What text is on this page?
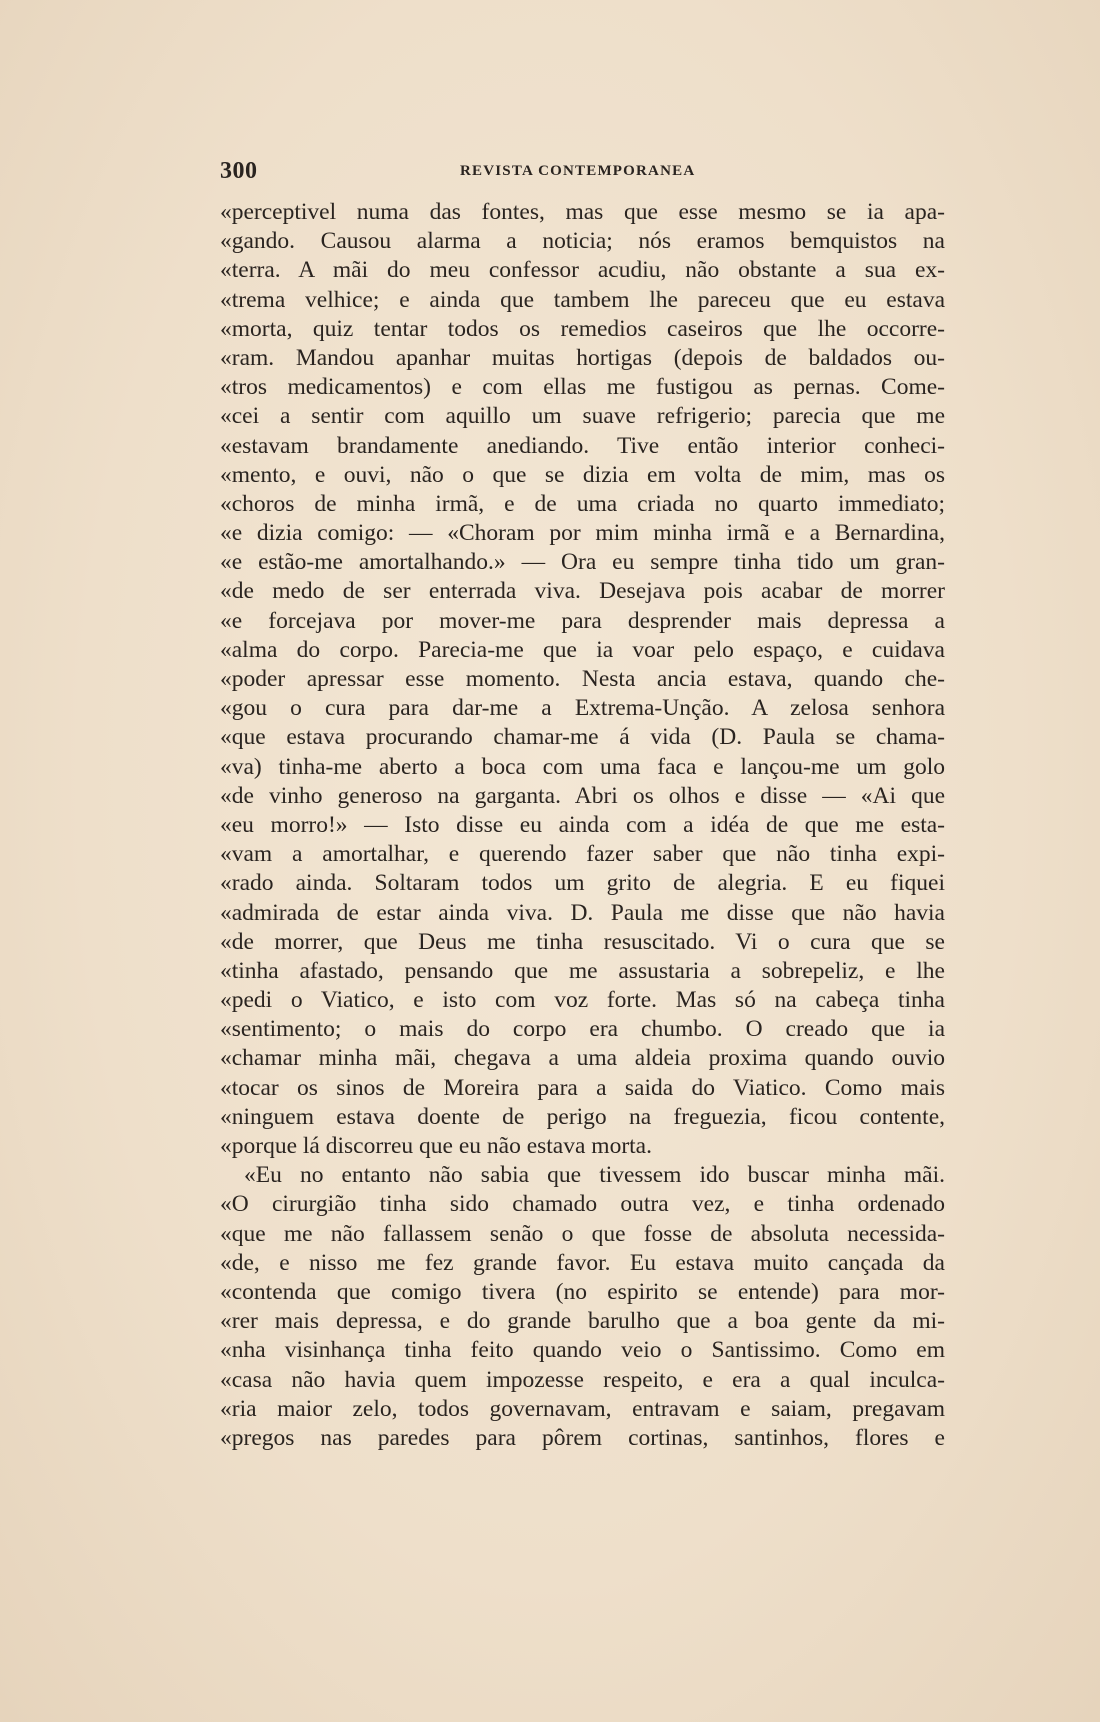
300	REVISTA CONTEMPORANEA
«perceptivel numa das fontes, mas que esse mesmo se ia apa-
«gando. Causou alarma a noticia; nós eramos bemquistos na
«terra. A mãi do meu confessor acudiu, não obstante a sua ex-
«trema velhice; e ainda que tambem lhe pareceu que eu estava
«morta, quiz tentar todos os remedios caseiros que lhe occorre-
«ram. Mandou apanhar muitas hortigas (depois de baldados ou-
«tros medicamentos) e com ellas me fustigou as pernas. Come-
«cei a sentir com aquillo um suave refrigerio; parecia que me
«estavam brandamente anediando. Tive então interior conheci-
«mento, e ouvi, não o que se dizia em volta de mim, mas os
«choros de minha irmã, e de uma criada no quarto immediato;
«e dizia comigo: — «Choram por mim minha irmã e a Bernardina,
«e estão-me amortalhando.» — Ora eu sempre tinha tido um gran-
«de medo de ser enterrada viva. Desejava pois acabar de morrer
«e forcejava por mover-me para desprender mais depressa a
«alma do corpo. Parecia-me que ia voar pelo espaço, e cuidava
«poder apressar esse momento. Nesta ancia estava, quando che-
«gou o cura para dar-me a Extrema-Unção. A zelosa senhora
«que estava procurando chamar-me á vida (D. Paula se chama-
«va) tinha-me aberto a boca com uma faca e lançou-me um golo
«de vinho generoso na garganta. Abri os olhos e disse — «Ai que
«eu morro!» — Isto disse eu ainda com a idéa de que me esta-
«vam a amortalhar, e querendo fazer saber que não tinha expi-
«rado ainda. Soltaram todos um grito de alegria. E eu fiquei
«admirada de estar ainda viva. D. Paula me disse que não havia
«de morrer, que Deus me tinha resuscitado. Vi o cura que se
«tinha afastado, pensando que me assustaria a sobrepeliz, e lhe
«pedi o Viatico, e isto com voz forte. Mas só na cabeça tinha
«sentimento; o mais do corpo era chumbo. O creado que ia
«chamar minha mãi, chegava a uma aldeia proxima quando ouvio
«tocar os sinos de Moreira para a saida do Viatico. Como mais
«ninguem estava doente de perigo na freguezia, ficou contente,
«porque lá discorreu que eu não estava morta.
«Eu no entanto não sabia que tivessem ido buscar minha mãi.
«O cirurgião tinha sido chamado outra vez, e tinha ordenado
«que me não fallassem senão o que fosse de absoluta necessida-
«de, e nisso me fez grande favor. Eu estava muito cançada da
«contenda que comigo tivera (no espirito se entende) para mor-
«rer mais depressa, e do grande barulho que a boa gente da mi-
«nha visinhança tinha feito quando veio o Santissimo. Como em
«casa não havia quem impozesse respeito, e era a qual inculca-
«ria maior zelo, todos governavam, entravam e saiam, pregavam
«pregos nas paredes para pôrem cortinas, santinhos, flores e
